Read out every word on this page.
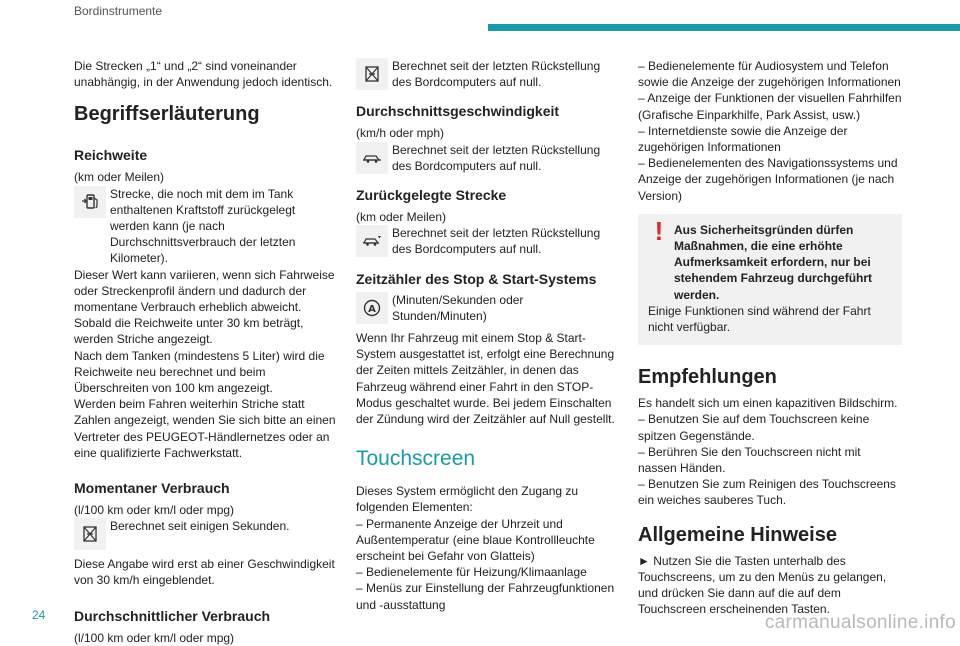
Bordinstrumente

Die Strecken „1“ und „2“ sind voneinander unabhängig, in der Anwendung jedoch identisch.

Begriffserläuterung
Reichweite

(km oder Meilen)

Strecke, die noch mit dem im Tank enthaltenen Kraftstoff zurückgelegt werden kann (je nach Durchschnittsverbrauch der letzten Kilometer).

Dieser Wert kann variieren, wenn sich Fahrweise oder Streckenprofil ändern und dadurch der momentane Verbrauch erheblich abweicht.

Sobald die Reichweite unter 30 km beträgt, werden Striche angezeigt.

Nach dem Tanken (mindestens 5 Liter) wird die Reichweite neu berechnet und beim Überschreiten von 100 km angezeigt.

Werden beim Fahren weiterhin Striche statt Zahlen angezeigt, wenden Sie sich bitte an einen Vertreter des PEUGEOT-Händlernetzes oder an eine qualifizierte Fachwerkstatt.

Momentaner Verbrauch

(l/100 km oder km/l oder mpg)

Berechnet seit einigen Sekunden.

Diese Angabe wird erst ab einer Geschwindigkeit von 30 km/h eingeblendet.

Durchschnittlicher Verbrauch

(l/100 km oder km/l oder mpg)

Berechnet seit der letzten Rückstellung des Bordcomputers auf null.

Durchschnittsgeschwindigkeit

(km/h oder mph)

Berechnet seit der letzten Rückstellung des Bordcomputers auf null.

Zurückgelegte Strecke

(km oder Meilen)

Berechnet seit der letzten Rückstellung des Bordcomputers auf null.

Zeitzähler des Stop & Start-Systems
A

(Minuten/Sekunden oder Stunden/Minuten)

Wenn Ihr Fahrzeug mit einem Stop & Start-System ausgestattet ist, erfolgt eine Berechnung der Zeiten mittels Zeitzähler, in denen das Fahrzeug während einer Fahrt in den STOP-Modus geschaltet wurde. Bei jedem Einschalten der Zündung wird der Zeitzähler auf Null gestellt.

Touchscreen

Dieses System ermöglicht den Zugang zu folgenden Elementen:

– Permanente Anzeige der Uhrzeit und Außentemperatur (eine blaue Kontrollleuchte erscheint bei Gefahr von Glatteis)

– Bedienelemente für Heizung/Klimaanlage

– Menüs zur Einstellung der Fahrzeugfunktionen und -ausstattung

– Bedienelemente für Audiosystem und Telefon sowie die Anzeige der zugehörigen Informationen

– Anzeige der Funktionen der visuellen Fahrhilfen (Grafische Einparkhilfe, Park Assist, usw.)

– Internetdienste sowie die Anzeige der zugehörigen Informationen

– Bedienelementen des Navigationssystems und Anzeige der zugehörigen Informationen (je nach Version)

! Aus Sicherheitsgründen dürfen Maßnahmen, die eine erhöhte Aufmerksamkeit erfordern, nur bei stehendem Fahrzeug durchgeführt werden.

Einige Funktionen sind während der Fahrt nicht verfügbar.

Empfehlungen

Es handelt sich um einen kapazitiven Bildschirm.

– Benutzen Sie auf dem Touchscreen keine spitzen Gegenstände.

– Berühren Sie den Touchscreen nicht mit nassen Händen.

– Benutzen Sie zum Reinigen des Touchscreens ein weiches sauberes Tuch.

Allgemeine Hinweise

► Nutzen Sie die Tasten unterhalb des Touchscreens, um zu den Menüs zu gelangen, und drücken Sie dann auf die auf dem Touchscreen erscheinenden Tasten.

24	carmanualsonline.info
